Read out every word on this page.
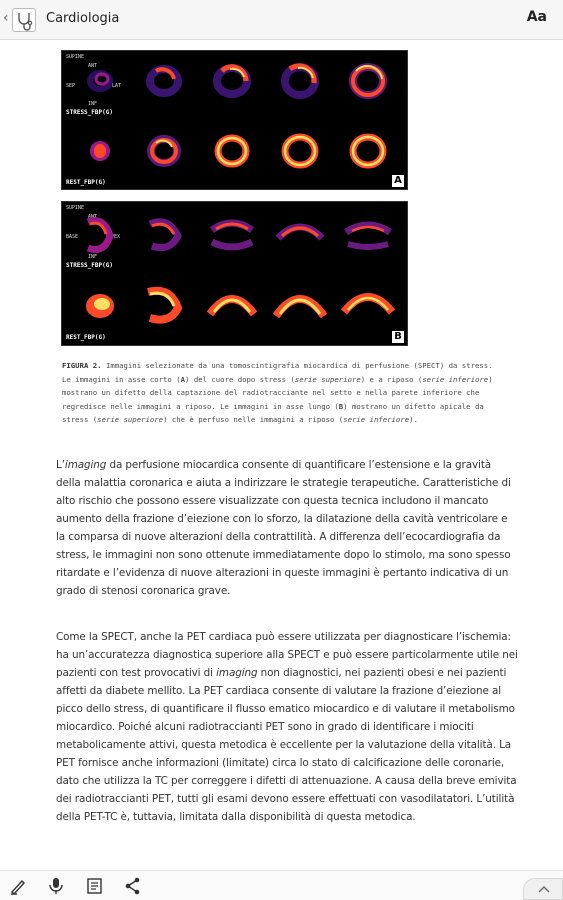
‹	Cardiologia	Aa
SUPINE
ANT
SEP	LAT
INF
STRESS_FBP(G)
REST_FBP(G)	A
SUPINE
ANT
BASE	APEX
INF
STRESS_FBP(G)
REST_FBP(G)	B
FIGURA 2. Immagini selezionate da una tomoscintigrafia miocardica di perfusione (SPECT) da stress. Le immagini in asse corto (A) del cuore dopo stress (serie superiore) e a riposo (serie inferiore) mostrano un difetto della captazione del radiotracciante nel setto e nella parete inferiore che regredisce nelle immagini a riposo. Le immagini in asse lungo (B) mostrano un difetto apicale da stress (serie superiore) che è perfuso nelle immagini a riposo (serie inferiore).
L’imaging da perfusione miocardica consente di quantificare l’estensione e la gravità della malattia coronarica e aiuta a indirizzare le strategie terapeutiche. Caratteristiche di alto rischio che possono essere visualizzate con questa tecnica includono il mancato aumento della frazione d’eiezione con lo sforzo, la dilatazione della cavità ventricolare e la comparsa di nuove alterazioni della contrattilità. A differenza dell’ecocardiografia da stress, le immagini non sono ottenute immediatamente dopo lo stimolo, ma sono spesso ritardate e l’evidenza di nuove alterazioni in queste immagini è pertanto indicativa di un grado di stenosi coronarica grave.
Come la SPECT, anche la PET cardiaca può essere utilizzata per diagnosticare l’ischemia: ha un’accuratezza diagnostica superiore alla SPECT e può essere particolarmente utile nei pazienti con test provocativi di imaging non diagnostici, nei pazienti obesi e nei pazienti affetti da diabete mellito. La PET cardiaca consente di valutare la frazione d’eiezione al picco dello stress, di quantificare il flusso ematico miocardico e di valutare il metabolismo miocardico. Poiché alcuni radiotraccianti PET sono in grado di identificare i miociti metabolicamente attivi, questa metodica è eccellente per la valutazione della vitalità. La PET fornisce anche informazioni (limitate) circa lo stato di calcificazione delle coronarie, dato che utilizza la TC per correggere i difetti di attenuazione. A causa della breve emivita dei radiotraccianti PET, tutti gli esami devono essere effettuati con vasodilatatori. L’utilità della PET-TC è, tuttavia, limitata dalla disponibilità di questa metodica.
